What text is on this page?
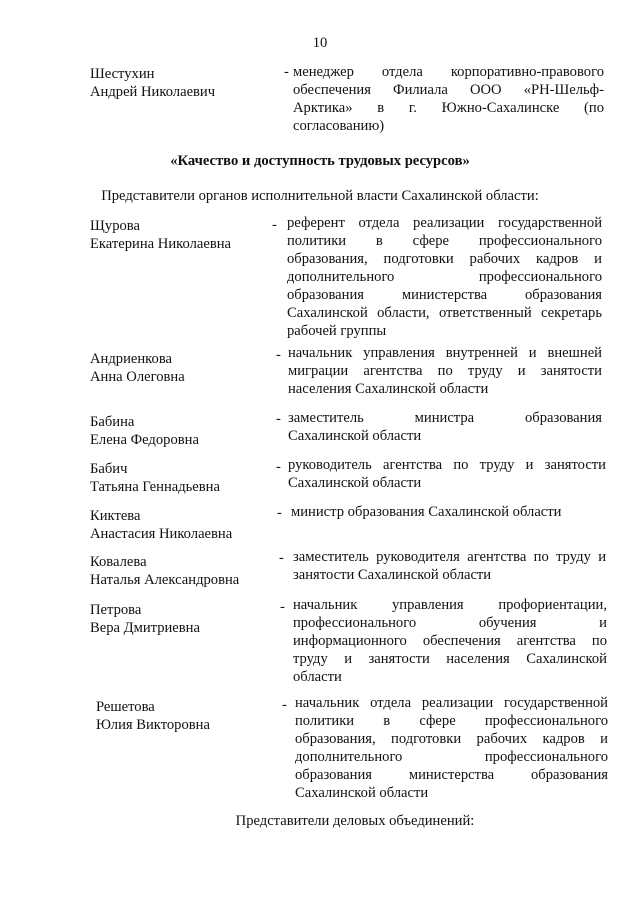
10
Шестухин
Андрей Николаевич
- менеджер отдела корпоративно-правового
обеспечения Филиала ООО «РН-Шельф-
Арктика» в г. Южно-Сахалинске (по
согласованию)
«Качество и доступность трудовых ресурсов»
Представители органов исполнительной власти Сахалинской области:
Щурова
Екатерина Николаевна
- референт отдела реализации государственной
политики в сфере профессионального
образования, подготовки рабочих кадров и
дополнительного профессионального
образования министерства образования
Сахалинской области, ответственный секретарь
рабочей группы
Андриенкова
Анна Олеговна
- начальник управления внутренней и внешней
миграции агентства по труду и занятости
населения Сахалинской области
Бабина
Елена Федоровна
- заместитель министра образования
Сахалинской области
Бабич
Татьяна Геннадьевна
- руководитель агентства по труду и занятости
Сахалинской области
Киктева
Анастасия Николаевна
- министр образования Сахалинской области
Ковалева
Наталья Александровна
- заместитель руководителя агентства по труду и
занятости Сахалинской области
Петрова
Вера Дмитриевна
- начальник управления профориентации,
профессионального обучения и
информационного обеспечения агентства по
труду и занятости населения Сахалинской
области
Решетова
Юлия Викторовна
- начальник отдела реализации государственной
политики в сфере профессионального
образования, подготовки рабочих кадров и
дополнительного профессионального
образования министерства образования
Сахалинской области
Представители деловых объединений:
